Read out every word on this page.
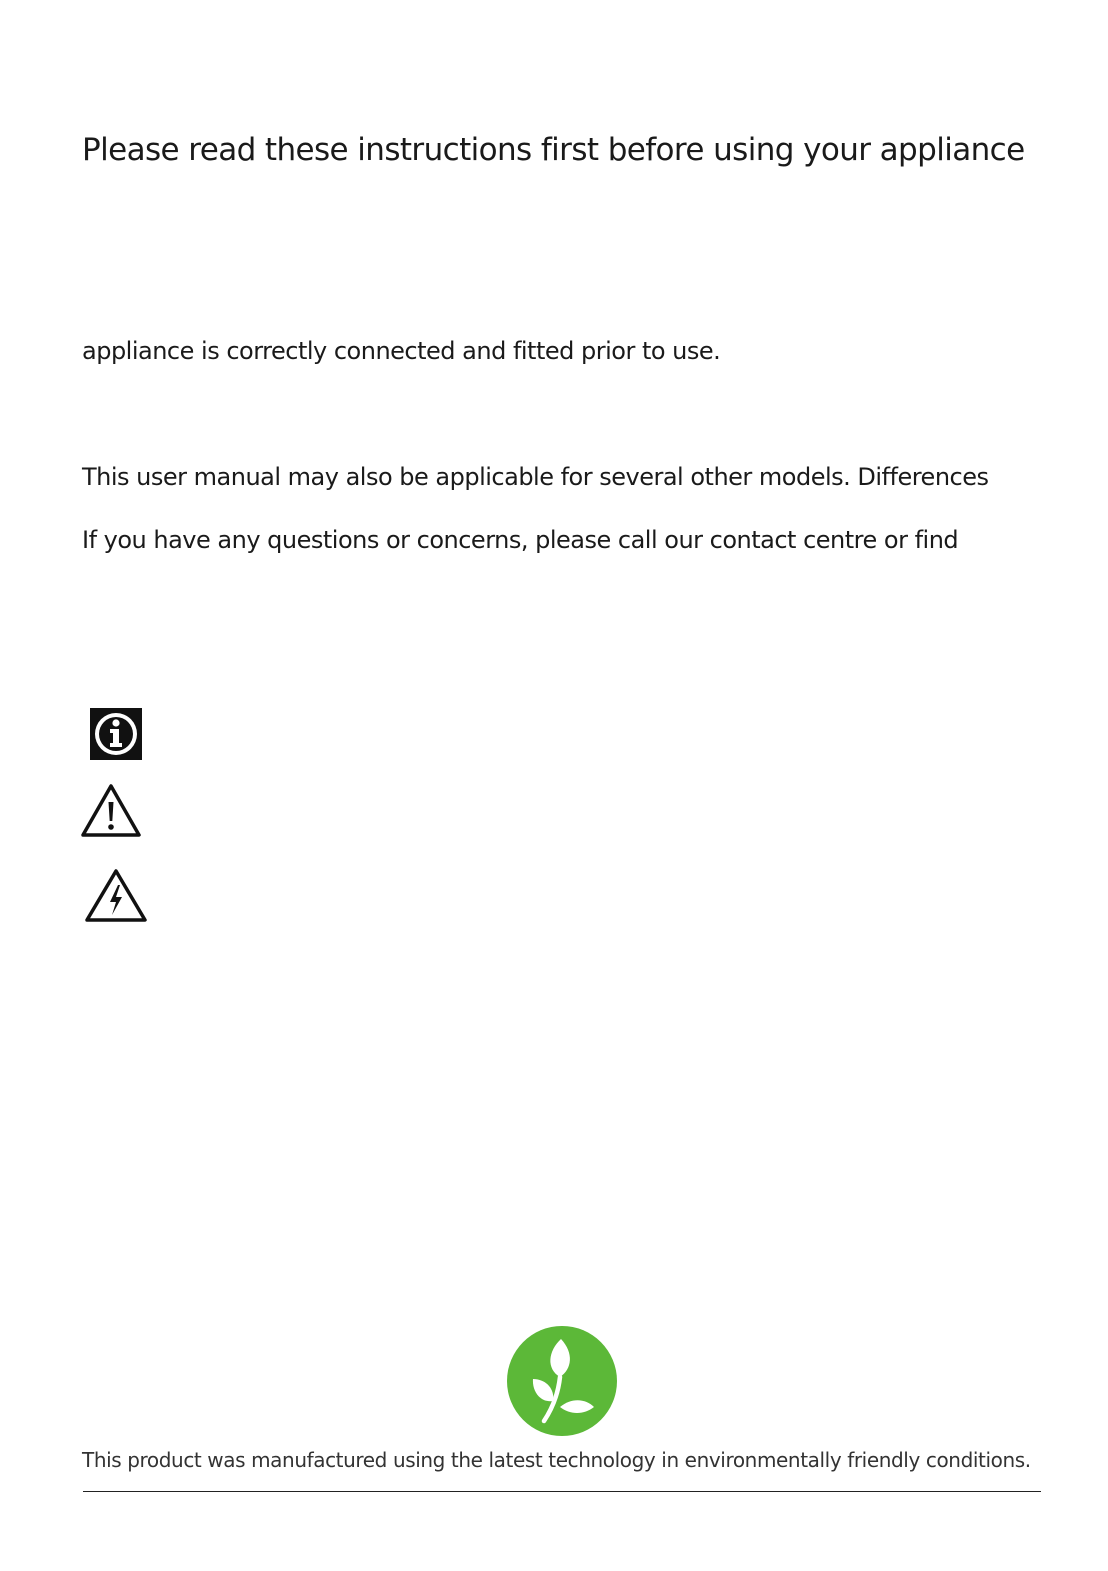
Please read these instructions first before using your appliance

appliance is correctly connected and fitted prior to use.

This user manual may also be applicable for several other models. Differences

If you have any questions or concerns, please call our contact centre or find

This product was manufactured using the latest technology in environmentally friendly conditions.
